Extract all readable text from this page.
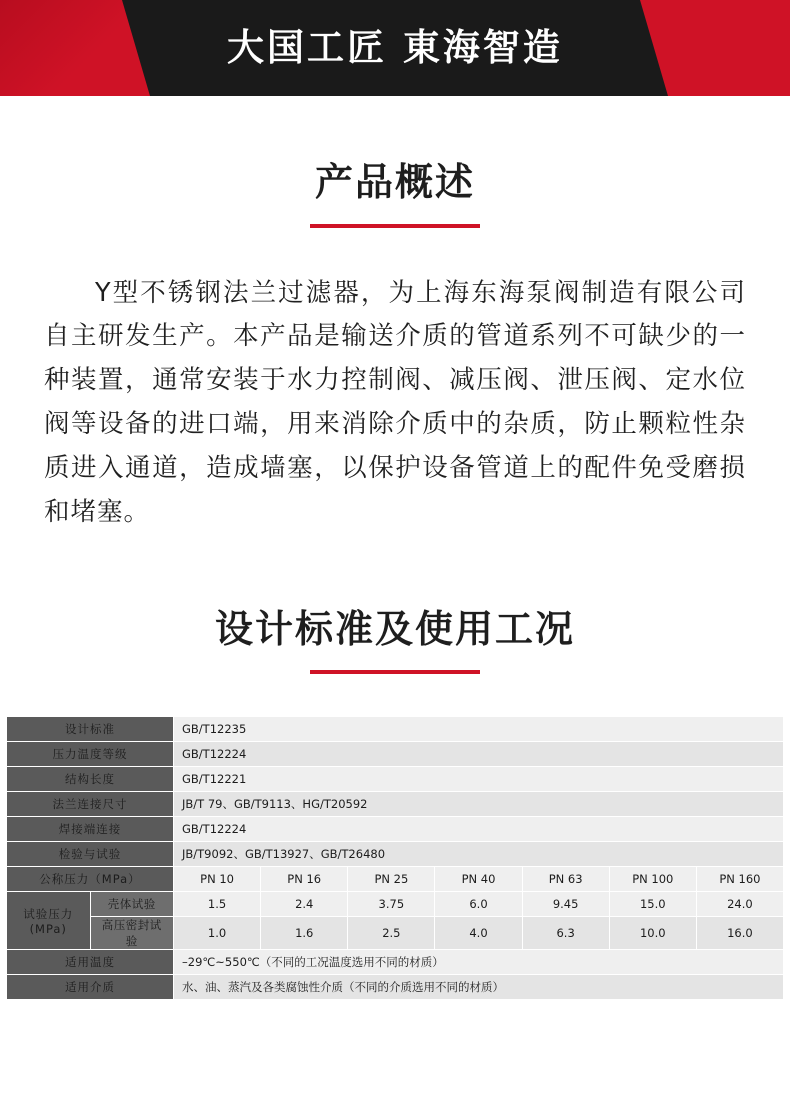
大国工匠 東海智造
产品概述
Y型不锈钢法兰过滤器，为上海东海泵阀制造有限公司自主研发生产。本产品是输送介质的管道系列不可缺少的一种装置，通常安装于水力控制阀、减压阀、泄压阀、定水位阀等设备的进口端，用来消除介质中的杂质，防止颗粒性杂质进入通道，造成墙塞，以保护设备管道上的配件免受磨损和堵塞。
设计标准及使用工况
设计标准		GB/T12235						
压力温度等级		GB/T12224						
结构长度		GB/T12221						
法兰连接尺寸		JB/T 79、GB/T9113、HG/T20592						
焊接端连接		GB/T12224						
检验与试验		JB/T9092、GB/T13927、GB/T26480						
公称压力（MPa）		PN 10	PN 16	PN 25	PN 40	PN 63	PN 100	PN 160
试验压力(MPa)	壳体试验	1.5	2.4	3.75	6.0	9.45	15.0	24.0
	高压密封试验	1.0	1.6	2.5	4.0	6.3	10.0	16.0
适用温度		–29℃~550℃（不同的工况温度选用不同的材质）						
适用介质		水、油、蒸汽及各类腐蚀性介质（不同的介质选用不同的材质）						
